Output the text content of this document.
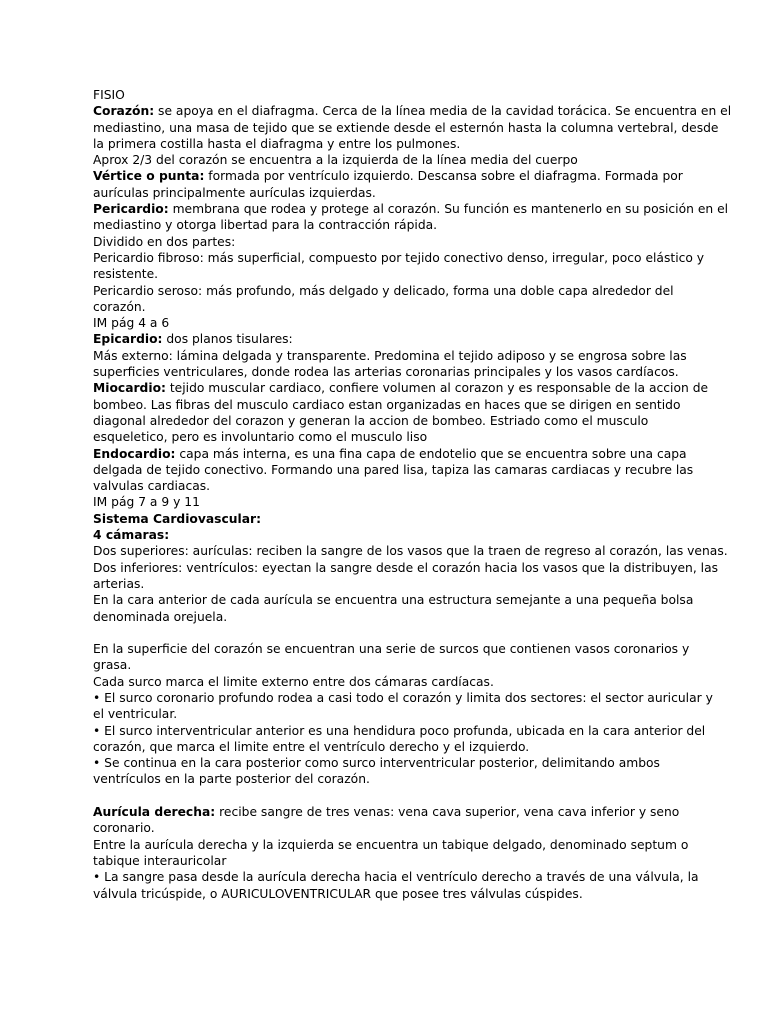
FISIO
Corazón: se apoya en el diafragma. Cerca de la línea media de la cavidad torácica. Se encuentra en el
mediastino, una masa de tejido que se extiende desde el esternón hasta la columna vertebral, desde
la primera costilla hasta el diafragma y entre los pulmones.
Aprox 2/3 del corazón se encuentra a la izquierda de la línea media del cuerpo
Vértice o punta: formada por ventrículo izquierdo. Descansa sobre el diafragma. Formada por
aurículas principalmente aurículas izquierdas.
Pericardio: membrana que rodea y protege al corazón. Su función es mantenerlo en su posición en el
mediastino y otorga libertad para la contracción rápida.
Dividido en dos partes:
Pericardio fibroso: más superficial, compuesto por tejido conectivo denso, irregular, poco elástico y
resistente.
Pericardio seroso: más profundo, más delgado y delicado, forma una doble capa alrededor del
corazón.
IM pág 4 a 6
Epicardio: dos planos tisulares:
Más externo: lámina delgada y transparente. Predomina el tejido adiposo y se engrosa sobre las
superficies ventriculares, donde rodea las arterias coronarias principales y los vasos cardíacos.
Miocardio: tejido muscular cardiaco, confiere volumen al corazon y es responsable de la accion de
bombeo. Las fibras del musculo cardiaco estan organizadas en haces que se dirigen en sentido
diagonal alrededor del corazon y generan la accion de bombeo. Estriado como el musculo
esqueletico, pero es involuntario como el musculo liso
Endocardio: capa más interna, es una fina capa de endotelio que se encuentra sobre una capa
delgada de tejido conectivo. Formando una pared lisa, tapiza las camaras cardiacas y recubre las
valvulas cardiacas.
IM pág 7 a 9 y 11
Sistema Cardiovascular:
4 cámaras:
Dos superiores: aurículas: reciben la sangre de los vasos que la traen de regreso al corazón, las venas.
Dos inferiores: ventrículos: eyectan la sangre desde el corazón hacia los vasos que la distribuyen, las
arterias.
En la cara anterior de cada aurícula se encuentra una estructura semejante a una pequeña bolsa
denominada orejuela.
En la superficie del corazón se encuentran una serie de surcos que contienen vasos coronarios y
grasa.
Cada surco marca el limite externo entre dos cámaras cardíacas.
• El surco coronario profundo rodea a casi todo el corazón y limita dos sectores: el sector auricular y
el ventricular.
• El surco interventricular anterior es una hendidura poco profunda, ubicada en la cara anterior del
corazón, que marca el limite entre el ventrículo derecho y el izquierdo.
• Se continua en la cara posterior como surco interventricular posterior, delimitando ambos
ventrículos en la parte posterior del corazón.
Aurícula derecha: recibe sangre de tres venas: vena cava superior, vena cava inferior y seno
coronario.
Entre la aurícula derecha y la izquierda se encuentra un tabique delgado, denominado septum o
tabique interauricolar
• La sangre pasa desde la aurícula derecha hacia el ventrículo derecho a través de una válvula, la
válvula tricúspide, o AURICULOVENTRICULAR que posee tres válvulas cúspides.
